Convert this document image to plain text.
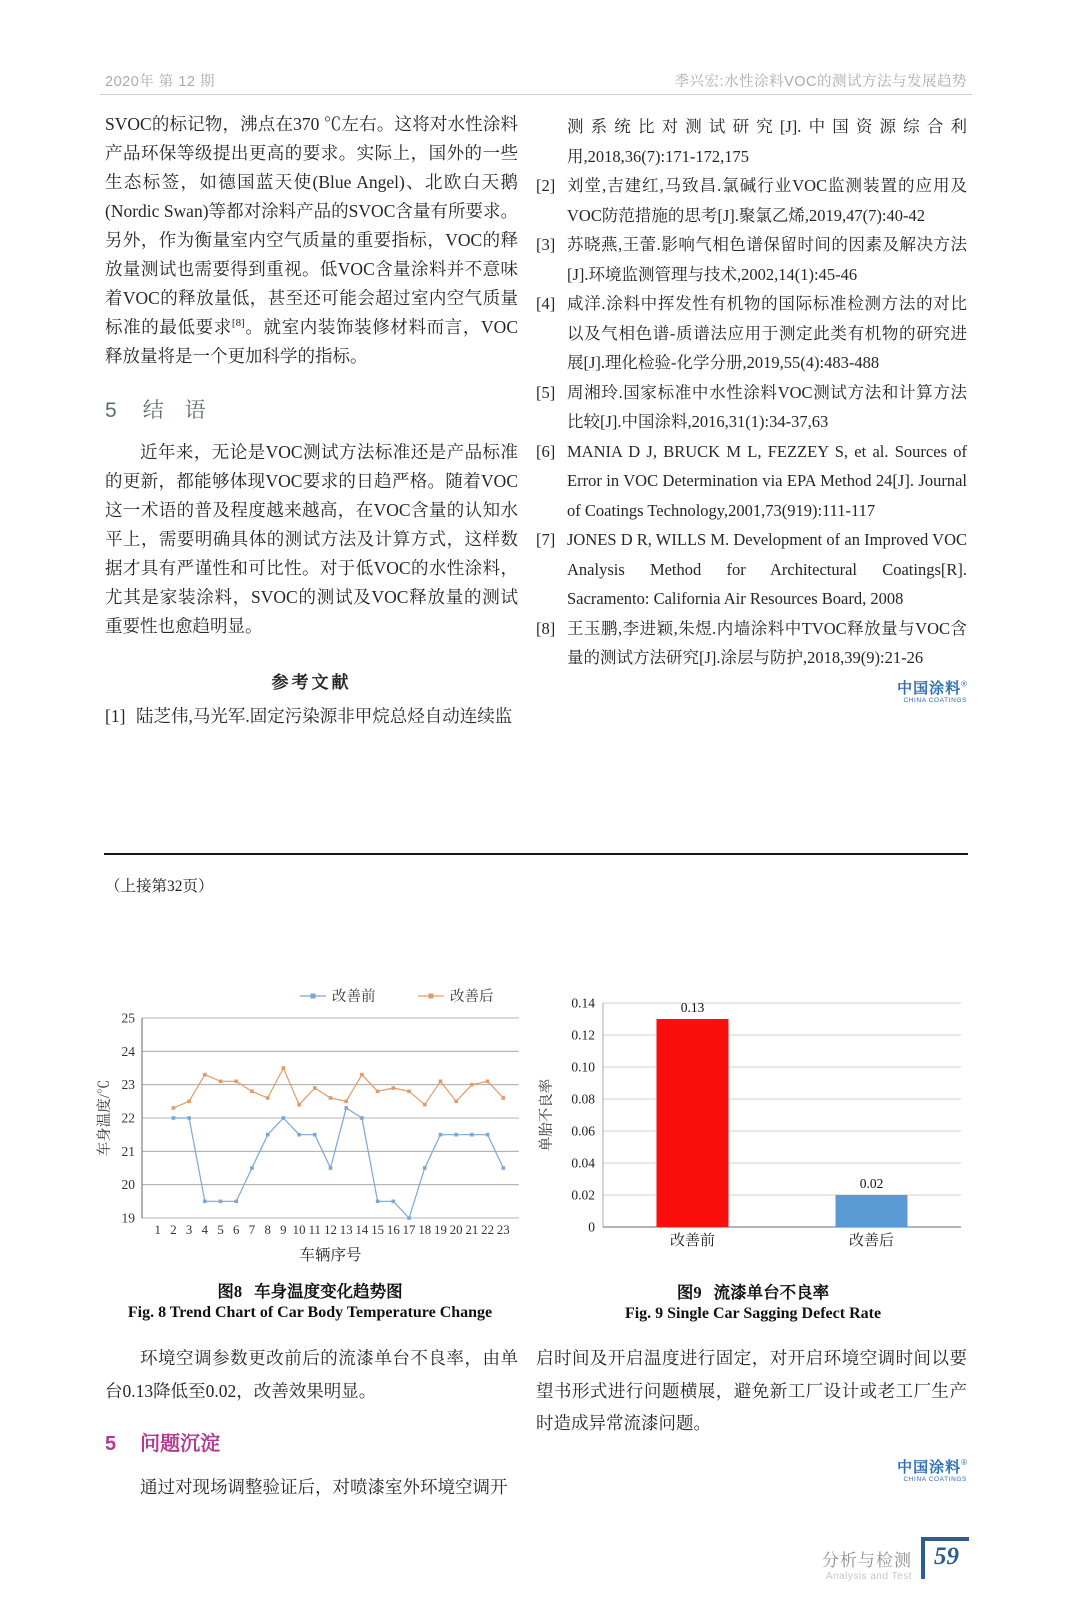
2020年 第 12 期	季兴宏:水性涂料VOC的测试方法与发展趋势
SVOC的标记物，沸点在370 ℃左右。这将对水性涂料产品环保等级提出更高的要求。实际上，国外的一些生态标签，如德国蓝天使(Blue Angel)、北欧白天鹅(Nordic Swan)等都对涂料产品的SVOC含量有所要求。另外，作为衡量室内空气质量的重要指标，VOC的释放量测试也需要得到重视。低VOC含量涂料并不意味着VOC的释放量低，甚至还可能会超过室内空气质量标准的最低要求[8]。就室内装饰装修材料而言，VOC释放量将是一个更加科学的指标。
5 结　语
近年来，无论是VOC测试方法标准还是产品标准的更新，都能够体现VOC要求的日趋严格。随着VOC这一术语的普及程度越来越高，在VOC含量的认知水平上，需要明确具体的测试方法及计算方式，这样数据才具有严谨性和可比性。对于低VOC的水性涂料，尤其是家装涂料，SVOC的测试及VOC释放量的测试重要性也愈趋明显。
参考文献
[1] 陆芝伟,马光军.固定污染源非甲烷总烃自动连续监
测系统比对测试研究[J].中国资源综合利用,2018,36(7):171-172,175
[2] 刘堂,吉建红,马致昌.氯碱行业VOC监测装置的应用及VOC防范措施的思考[J].聚氯乙烯,2019,47(7):40-42
[3] 苏晓燕,王蕾.影响气相色谱保留时间的因素及解决方法[J].环境监测管理与技术,2002,14(1):45-46
[4] 咸洋.涂料中挥发性有机物的国际标准检测方法的对比以及气相色谱-质谱法应用于测定此类有机物的研究进展[J].理化检验-化学分册,2019,55(4):483-488
[5] 周湘玲.国家标准中水性涂料VOC测试方法和计算方法比较[J].中国涂料,2016,31(1):34-37,63
[6] MANIA D J, BRUCK M L, FEZZEY S, et al. Sources of Error in VOC Determination via EPA Method 24[J]. Journal of Coatings Technology,2001,73(919):111-117
[7] JONES D R, WILLS M. Development of an Improved VOC Analysis Method for Architectural Coatings[R]. Sacramento: California Air Resources Board, 2008
[8] 王玉鹏,李进颖,朱煜.内墙涂料中TVOC释放量与VOC含量的测试方法研究[J].涂层与防护,2018,39(9):21-26
中国涂料®
CHINA COATINGS
（上接第32页）
19
20
21
22
23
24
25
1 2 3 4 5 6 7 8 9 10 11 12 13 14 15 16 17 18 19 20 21 22 23
车辆序号
车身温度/℃
改善前	改善后
图8 车身温度变化趋势图
Fig. 8 Trend Chart of Car Body Temperature Change
0
0.02
0.04
0.06
0.08
0.10
0.12
0.14	0.13
改善前
0.02
改善后
单胎不良率
图9 流漆单台不良率
Fig. 9 Single Car Sagging Defect Rate
环境空调参数更改前后的流漆单台不良率，由单台0.13降低至0.02，改善效果明显。
5 问题沉淀
通过对现场调整验证后，对喷漆室外环境空调开
启时间及开启温度进行固定，对开启环境空调时间以要望书形式进行问题横展，避免新工厂设计或老工厂生产时造成异常流漆问题。
中国涂料®
CHINA COATINGS
分析与检测
Analysis and Test
59
